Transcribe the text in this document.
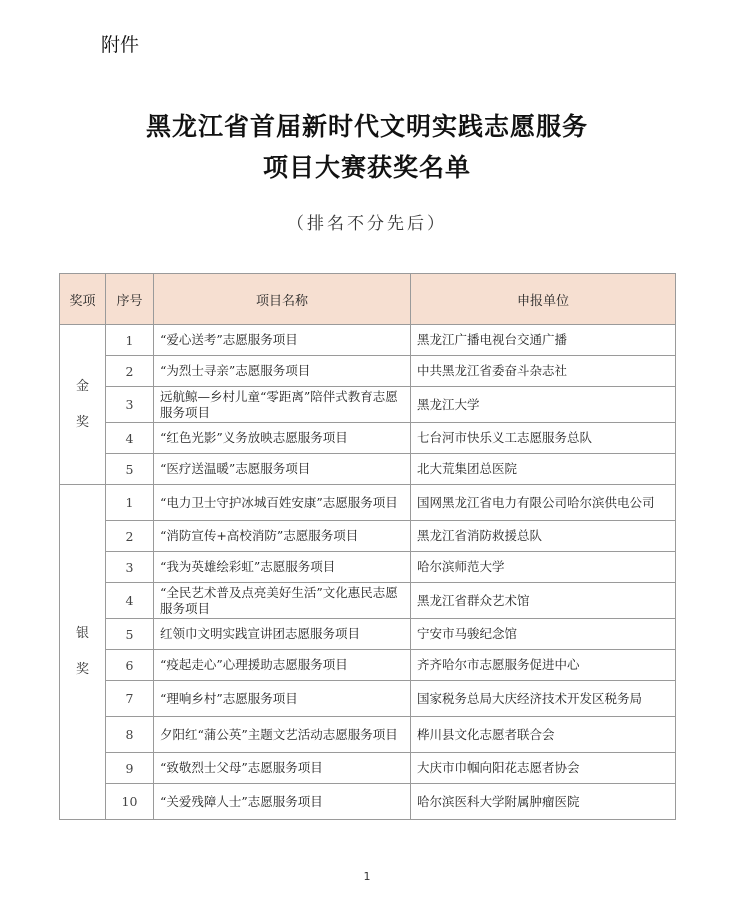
附件
黑龙江省首届新时代文明实践志愿服务
项目大赛获奖名单
（排名不分先后）
奖项	序号	项目名称	申报单位

金
奖	1	“爱心送考”志愿服务项目	黑龙江广播电视台交通广播
	2	“为烈士寻亲”志愿服务项目	中共黑龙江省委奋斗杂志社
	3	远航鲸—乡村儿童“零距离”陪伴式教育志愿服务项目	黑龙江大学
	4	“红色光影”义务放映志愿服务项目	七台河市快乐义工志愿服务总队
	5	“医疗送温暖”志愿服务项目	北大荒集团总医院

银
奖	1	“电力卫士守护冰城百姓安康”志愿服务项目	国网黑龙江省电力有限公司哈尔滨供电公司
	2	“消防宣传+高校消防”志愿服务项目	黑龙江省消防救援总队
	3	“我为英雄绘彩虹”志愿服务项目	哈尔滨师范大学
	4	“全民艺术普及点亮美好生活”文化惠民志愿服务项目	黑龙江省群众艺术馆
	5	红领巾文明实践宣讲团志愿服务项目	宁安市马骏纪念馆
	6	“疫起走心”心理援助志愿服务项目	齐齐哈尔市志愿服务促进中心
	7	“理响乡村”志愿服务项目	国家税务总局大庆经济技术开发区税务局
	8	夕阳红“蒲公英”主题文艺活动志愿服务项目	桦川县文化志愿者联合会
	9	“致敬烈士父母”志愿服务项目	大庆市巾帼向阳花志愿者协会
	10	“关爱残障人士”志愿服务项目	哈尔滨医科大学附属肿瘤医院
1
